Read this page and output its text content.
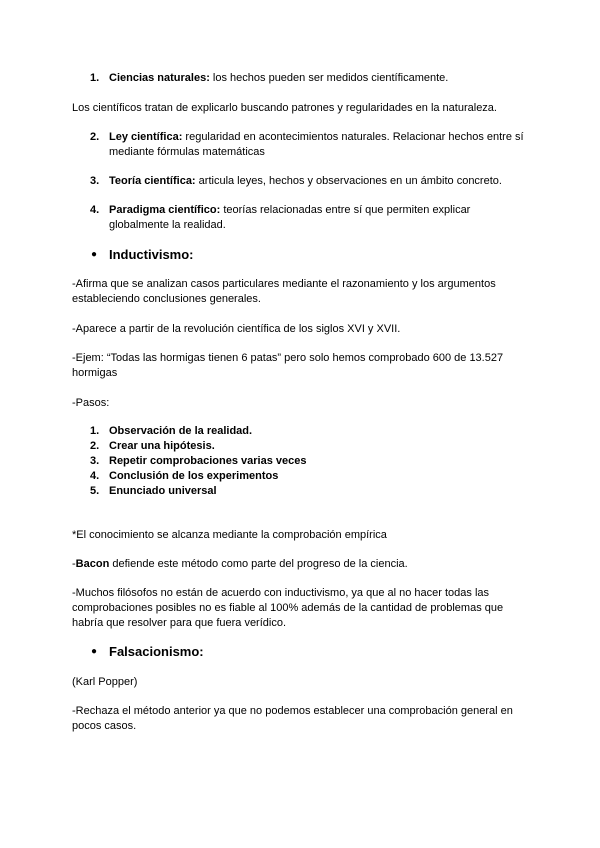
1. Ciencias naturales: los hechos pueden ser medidos científicamente.
Los científicos tratan de explicarlo buscando patrones y regularidades en la naturaleza.
2. Ley científica: regularidad en acontecimientos naturales. Relacionar hechos entre sí
mediante fórmulas matemáticas
3. Teoría científica: articula leyes, hechos y observaciones en un ámbito concreto.
4. Paradigma científico: teorías relacionadas entre sí que permiten explicar
globalmente la realidad.
● Inductivismo:
-Afirma que se analizan casos particulares mediante el razonamiento y los argumentos
estableciendo conclusiones generales.
-Aparece a partir de la revolución científica de los siglos XVI y XVII.
-Ejem: “Todas las hormigas tienen 6 patas” pero solo hemos comprobado 600 de 13.527
hormigas
-Pasos:
1. Observación de la realidad.
2. Crear una hipótesis.
3. Repetir comprobaciones varias veces
4. Conclusión de los experimentos
5. Enunciado universal
*El conocimiento se alcanza mediante la comprobación empírica
-Bacon defiende este método como parte del progreso de la ciencia.
-Muchos filósofos no están de acuerdo con inductivismo, ya que al no hacer todas las
comprobaciones posibles no es fiable al 100% además de la cantidad de problemas que
habría que resolver para que fuera verídico.
● Falsacionismo:
(Karl Popper)
-Rechaza el método anterior ya que no podemos establecer una comprobación general en
pocos casos.
